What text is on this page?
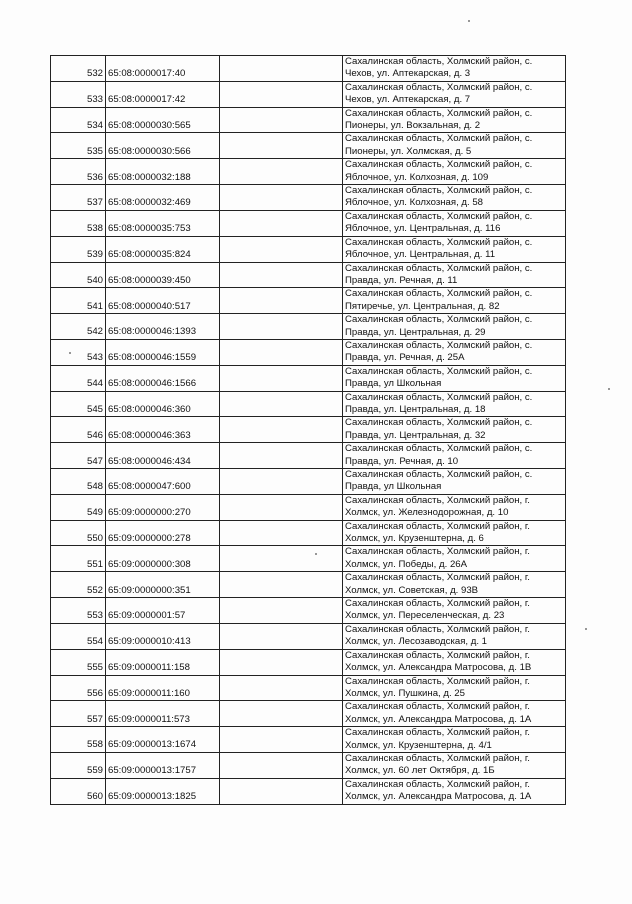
532	65:08:0000017:40		Сахалинская область, Холмский район, с.
Чехов, ул. Аптекарская, д. 3

533	65:08:0000017:42		Сахалинская область, Холмский район, с.
Чехов, ул. Аптекарская, д. 7

534	65:08:0000030:565		Сахалинская область, Холмский район, с.
Пионеры, ул. Вокзальная, д. 2

535	65:08:0000030:566		Сахалинская область, Холмский район, с.
Пионеры, ул. Холмская, д. 5

536	65:08:0000032:188		Сахалинская область, Холмский район, с.
Яблочное, ул. Колхозная, д. 109

537	65:08:0000032:469		Сахалинская область, Холмский район, с.
Яблочное, ул. Колхозная, д. 58

538	65:08:0000035:753		Сахалинская область, Холмский район, с.
Яблочное, ул. Центральная, д. 116

539	65:08:0000035:824		Сахалинская область, Холмский район, с.
Яблочное, ул. Центральная, д. 11

540	65:08:0000039:450		Сахалинская область, Холмский район, с.
Правда, ул. Речная, д. 11

541	65:08:0000040:517		Сахалинская область, Холмский район, с.
Пятиречье, ул. Центральная, д. 82

542	65:08:0000046:1393		Сахалинская область, Холмский район, с.
Правда, ул. Центральная, д. 29

543	65:08:0000046:1559		Сахалинская область, Холмский район, с.
Правда, ул. Речная, д. 25А

544	65:08:0000046:1566		Сахалинская область, Холмский район, с.
Правда, ул Школьная

545	65:08:0000046:360		Сахалинская область, Холмский район, с.
Правда, ул. Центральная, д. 18

546	65:08:0000046:363		Сахалинская область, Холмский район, с.
Правда, ул. Центральная, д. 32

547	65:08:0000046:434		Сахалинская область, Холмский район, с.
Правда, ул. Речная, д. 10

548	65:08:0000047:600		Сахалинская область, Холмский район, с.
Правда, ул Школьная

549	65:09:0000000:270		Сахалинская область, Холмский район, г.
Холмск, ул. Железнодорожная, д. 10

550	65:09:0000000:278		Сахалинская область, Холмский район, г.
Холмск, ул. Крузенштерна, д. 6

551	65:09:0000000:308		Сахалинская область, Холмский район, г.
Холмск, ул. Победы, д. 26А

552	65:09:0000000:351		Сахалинская область, Холмский район, г.
Холмск, ул. Советская, д. 93В

553	65:09:0000001:57		Сахалинская область, Холмский район, г.
Холмск, ул. Переселенческая, д. 23

554	65:09:0000010:413		Сахалинская область, Холмский район, г.
Холмск, ул. Лесозаводская, д. 1

555	65:09:0000011:158		Сахалинская область, Холмский район, г.
Холмск, ул. Александра Матросова, д. 1В

556	65:09:0000011:160		Сахалинская область, Холмский район, г.
Холмск, ул. Пушкина, д. 25

557	65:09:0000011:573		Сахалинская область, Холмский район, г.
Холмск, ул. Александра Матросова, д. 1А

558	65:09:0000013:1674		Сахалинская область, Холмский район, г.
Холмск, ул. Крузенштерна, д. 4/1

559	65:09:0000013:1757		Сахалинская область, Холмский район, г.
Холмск, ул. 60 лет Октября, д. 1Б

560	65:09:0000013:1825		Сахалинская область, Холмский район, г.
Холмск, ул. Александра Матросова, д. 1А
